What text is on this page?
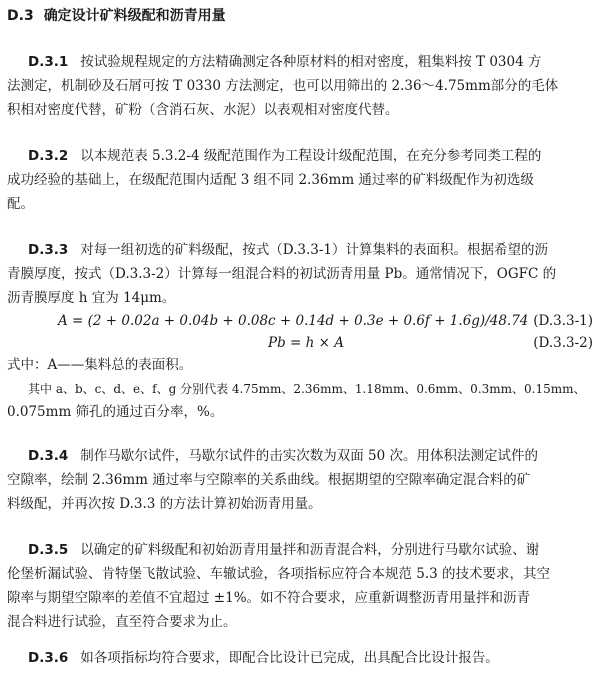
D.3 确定设计矿料级配和沥青用量
D.3.1 按试验规程规定的方法精确测定各种原材料的相对密度，粗集料按 T 0304 方
法测定，机制砂及石屑可按 T 0330 方法测定，也可以用筛出的 2.36～4.75mm部分的毛体
积相对密度代替，矿粉（含消石灰、水泥）以表观相对密度代替。
D.3.2 以本规范表 5.3.2-4 级配范围作为工程设计级配范围，在充分参考同类工程的
成功经验的基础上，在级配范围内适配 3 组不同 2.36mm 通过率的矿料级配作为初选级
配。
D.3.3 对每一组初选的矿料级配，按式（D.3.3-1）计算集料的表面积。根据希望的沥
青膜厚度，按式（D.3.3-2）计算每一组混合料的初试沥青用量 Pb。通常情况下，OGFC 的
沥青膜厚度 h 宜为 14μm。
A = (2 + 0.02a + 0.04b + 0.08c + 0.14d + 0.3e + 0.6f + 1.6g)/48.74 (D.3.3-1)
Pb = h × A	(D.3.3-2)
式中：A——集料总的表面积。
其中 a、b、c、d、e、f、g 分别代表 4.75mm、2.36mm、1.18mm、0.6mm、0.3mm、0.15mm、
0.075mm 筛孔的通过百分率，%。
D.3.4 制作马歇尔试件，马歇尔试件的击实次数为双面 50 次。用体积法测定试件的
空隙率，绘制 2.36mm 通过率与空隙率的关系曲线。根据期望的空隙率确定混合料的矿
料级配，并再次按 D.3.3 的方法计算初始沥青用量。
D.3.5 以确定的矿料级配和初始沥青用量拌和沥青混合料，分别进行马歇尔试验、谢
伦堡析漏试验、肯特堡飞散试验、车辙试验，各项指标应符合本规范 5.3 的技术要求，其空
隙率与期望空隙率的差值不宜超过 ±1%。如不符合要求，应重新调整沥青用量拌和沥青
混合料进行试验，直至符合要求为止。
D.3.6 如各项指标均符合要求，即配合比设计已完成，出具配合比设计报告。
